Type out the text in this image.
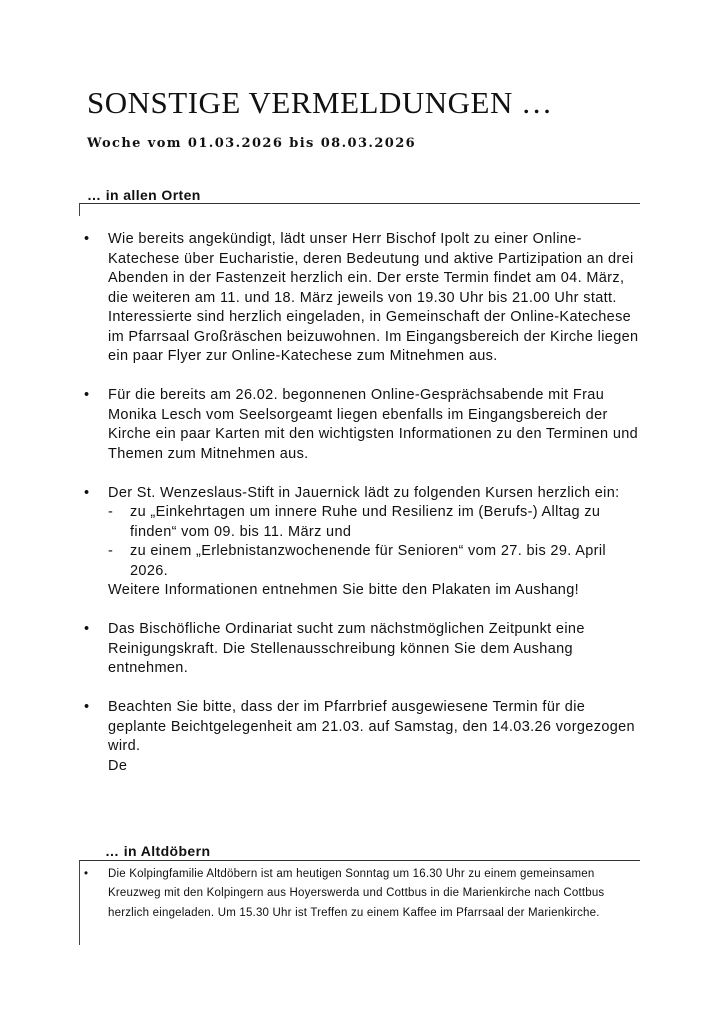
SONSTIGE VERMELDUNGEN …

Woche vom 01.03.2026 bis 08.03.2026

… in allen Orten
• Wie bereits angekündigt, lädt unser Herr Bischof Ipolt zu einer Online-Katechese über Eucharistie, deren Bedeutung und aktive Partizipation an drei Abenden in der Fastenzeit herzlich ein. Der erste Termin findet am 04. März, die weiteren am 11. und 18. März jeweils von 19.30 Uhr bis 21.00 Uhr statt. Interessierte sind herzlich eingeladen, in Gemeinschaft der Online-Katechese im Pfarrsaal Großräschen beizuwohnen. Im Eingangsbereich der Kirche liegen ein paar Flyer zur Online-Katechese zum Mitnehmen aus.
• Für die bereits am 26.02. begonnenen Online-Gesprächsabende mit Frau Monika Lesch vom Seelsorgeamt liegen ebenfalls im Eingangsbereich der Kirche ein paar Karten mit den wichtigsten Informationen zu den Terminen und Themen zum Mitnehmen aus.
• Der St. Wenzeslaus-Stift in Jauernick lädt zu folgenden Kursen herzlich ein:
- zu „Einkehrtagen um innere Ruhe und Resilienz im (Berufs-) Alltag zu finden“ vom 09. bis 11. März und
- zu einem „Erlebnistanzwochenende für Senioren“ vom 27. bis 29. April 2026.
Weitere Informationen entnehmen Sie bitte den Plakaten im Aushang!
• Das Bischöfliche Ordinariat sucht zum nächstmöglichen Zeitpunkt eine Reinigungskraft. Die Stellenausschreibung können Sie dem Aushang entnehmen.
• Beachten Sie bitte, dass der im Pfarrbrief ausgewiesene Termin für die geplante Beichtgelegenheit am 21.03. auf Samstag, den 14.03.26 vorgezogen wird.
De
… in Altdöbern
• Die Kolpingfamilie Altdöbern ist am heutigen Sonntag um 16.30 Uhr zu einem gemeinsamen Kreuzweg mit den Kolpingern aus Hoyerswerda und Cottbus in die Marienkirche nach Cottbus herzlich eingeladen. Um 15.30 Uhr ist Treffen zu einem Kaffee im Pfarrsaal der Marienkirche.
